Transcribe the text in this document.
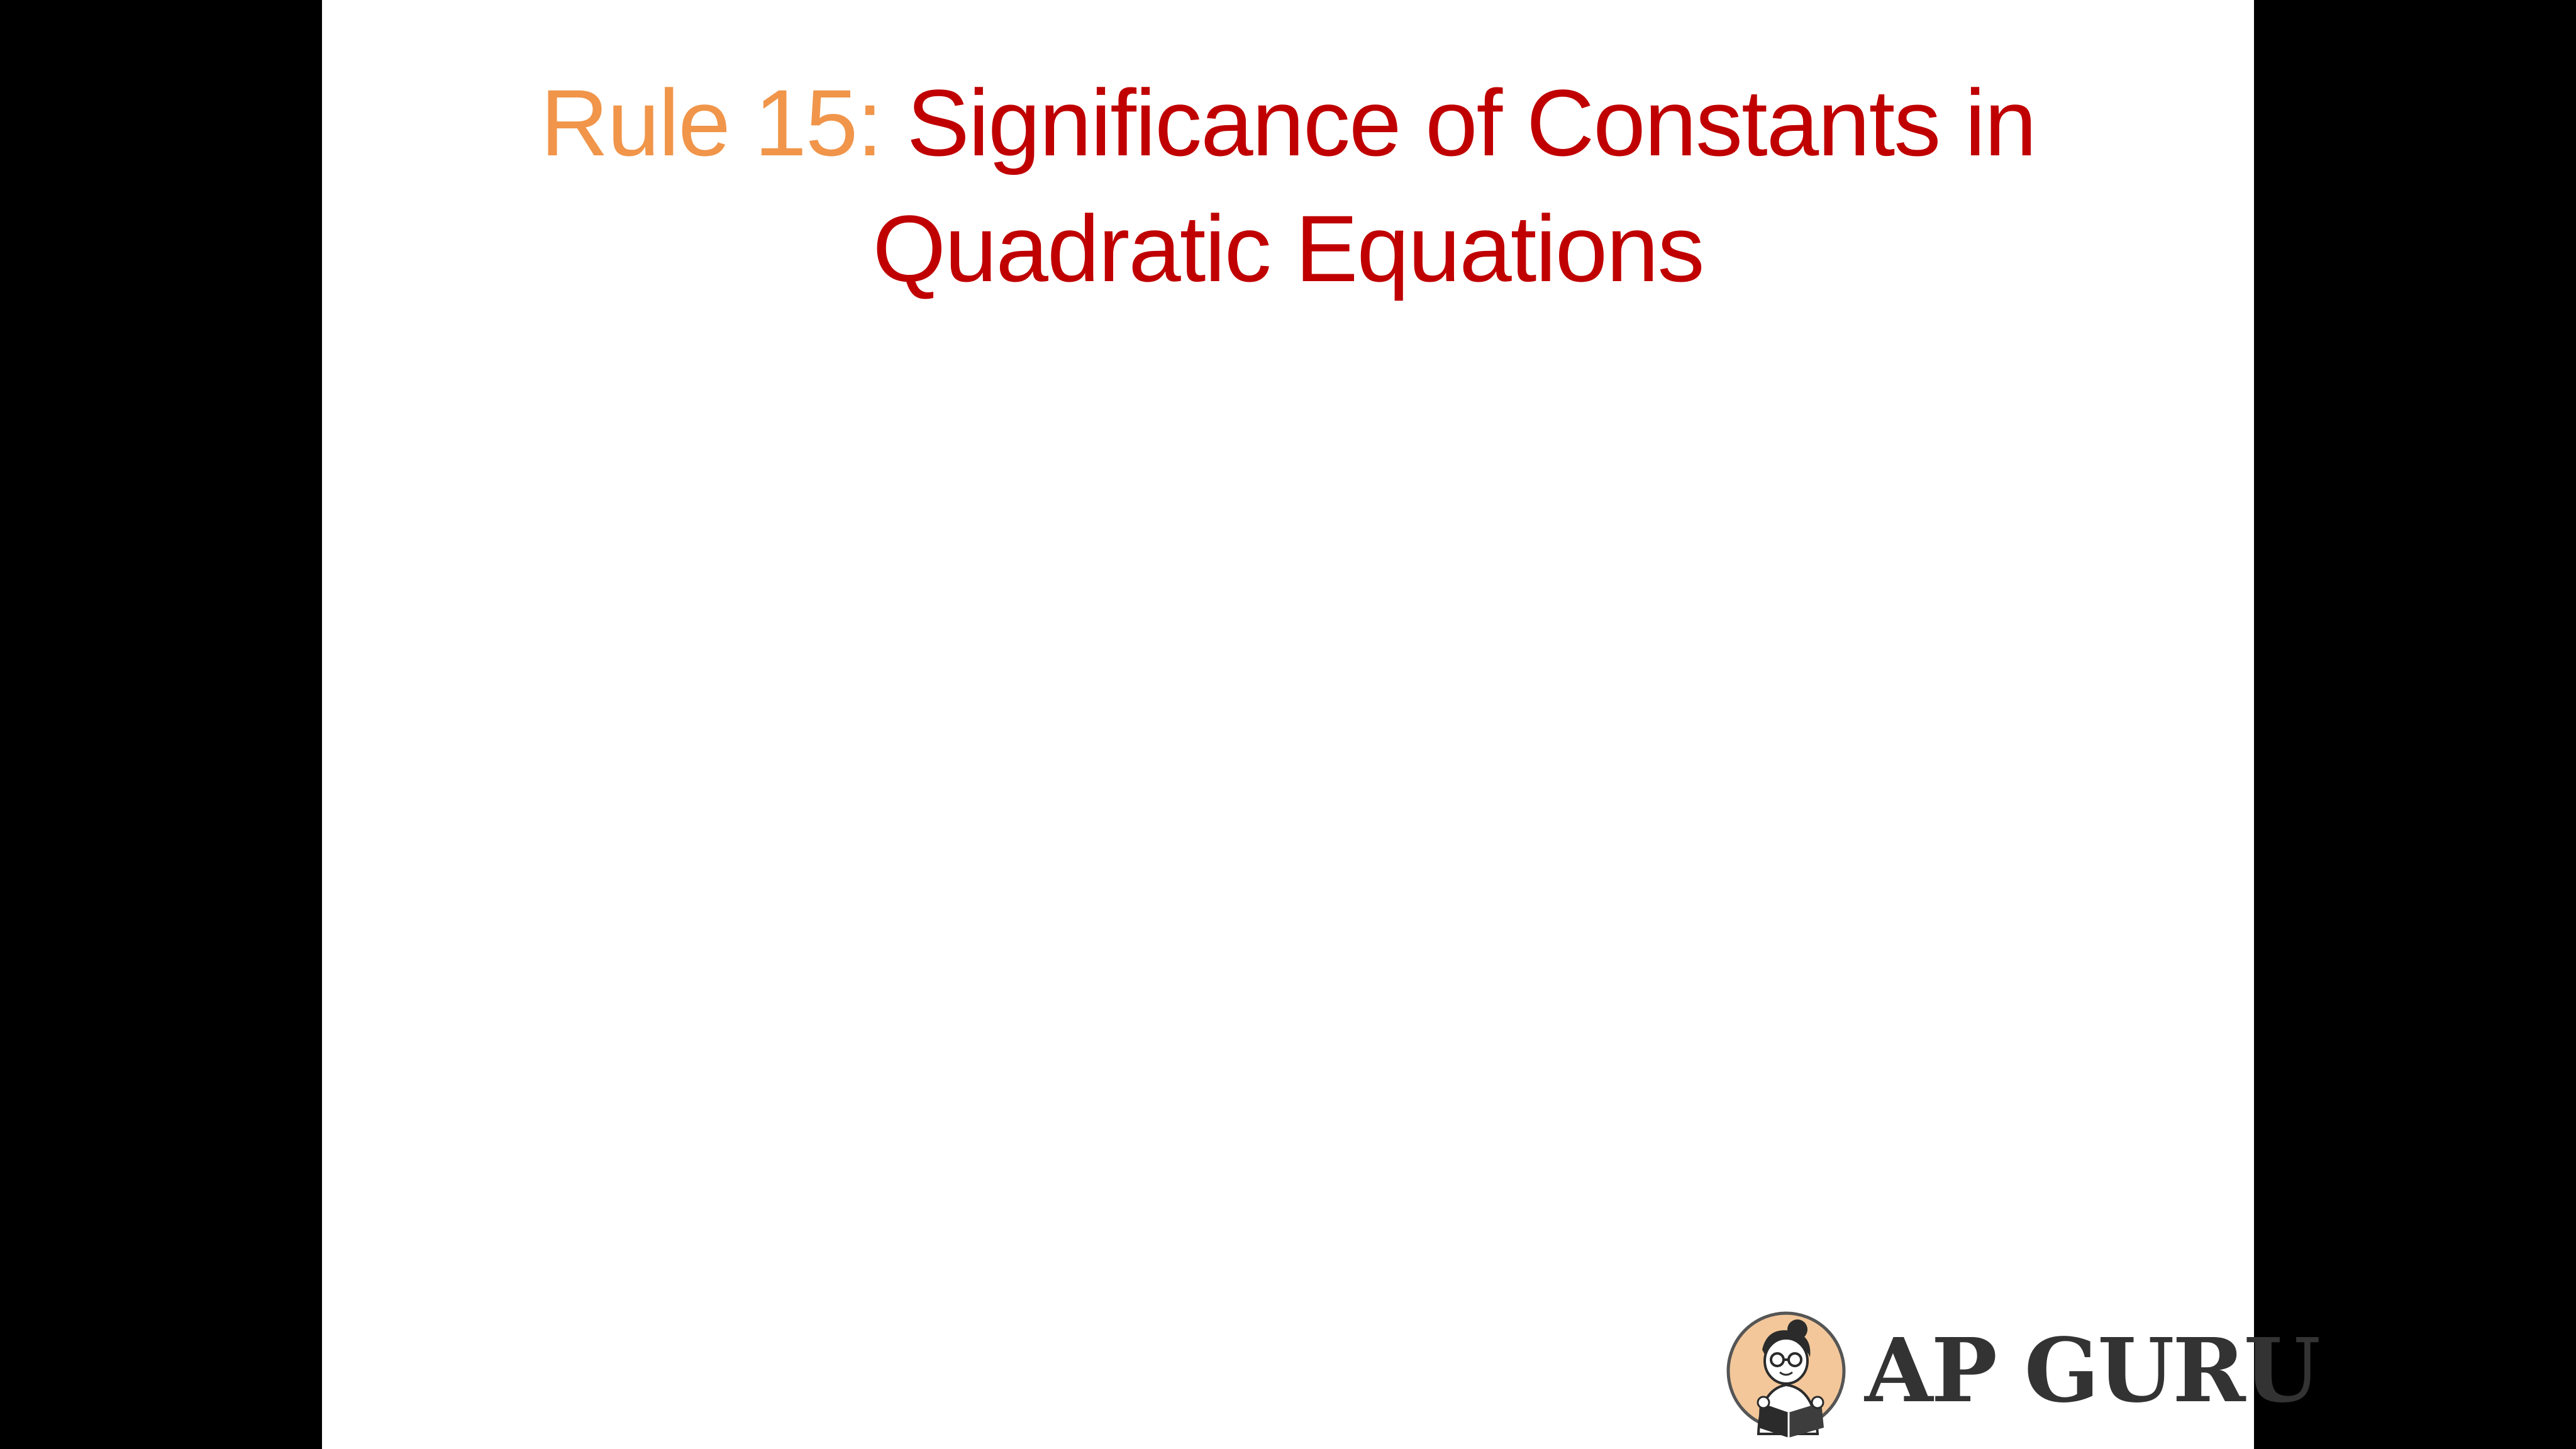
Rule 15: Significance of Constants in
Quadratic Equations
AP GURU
